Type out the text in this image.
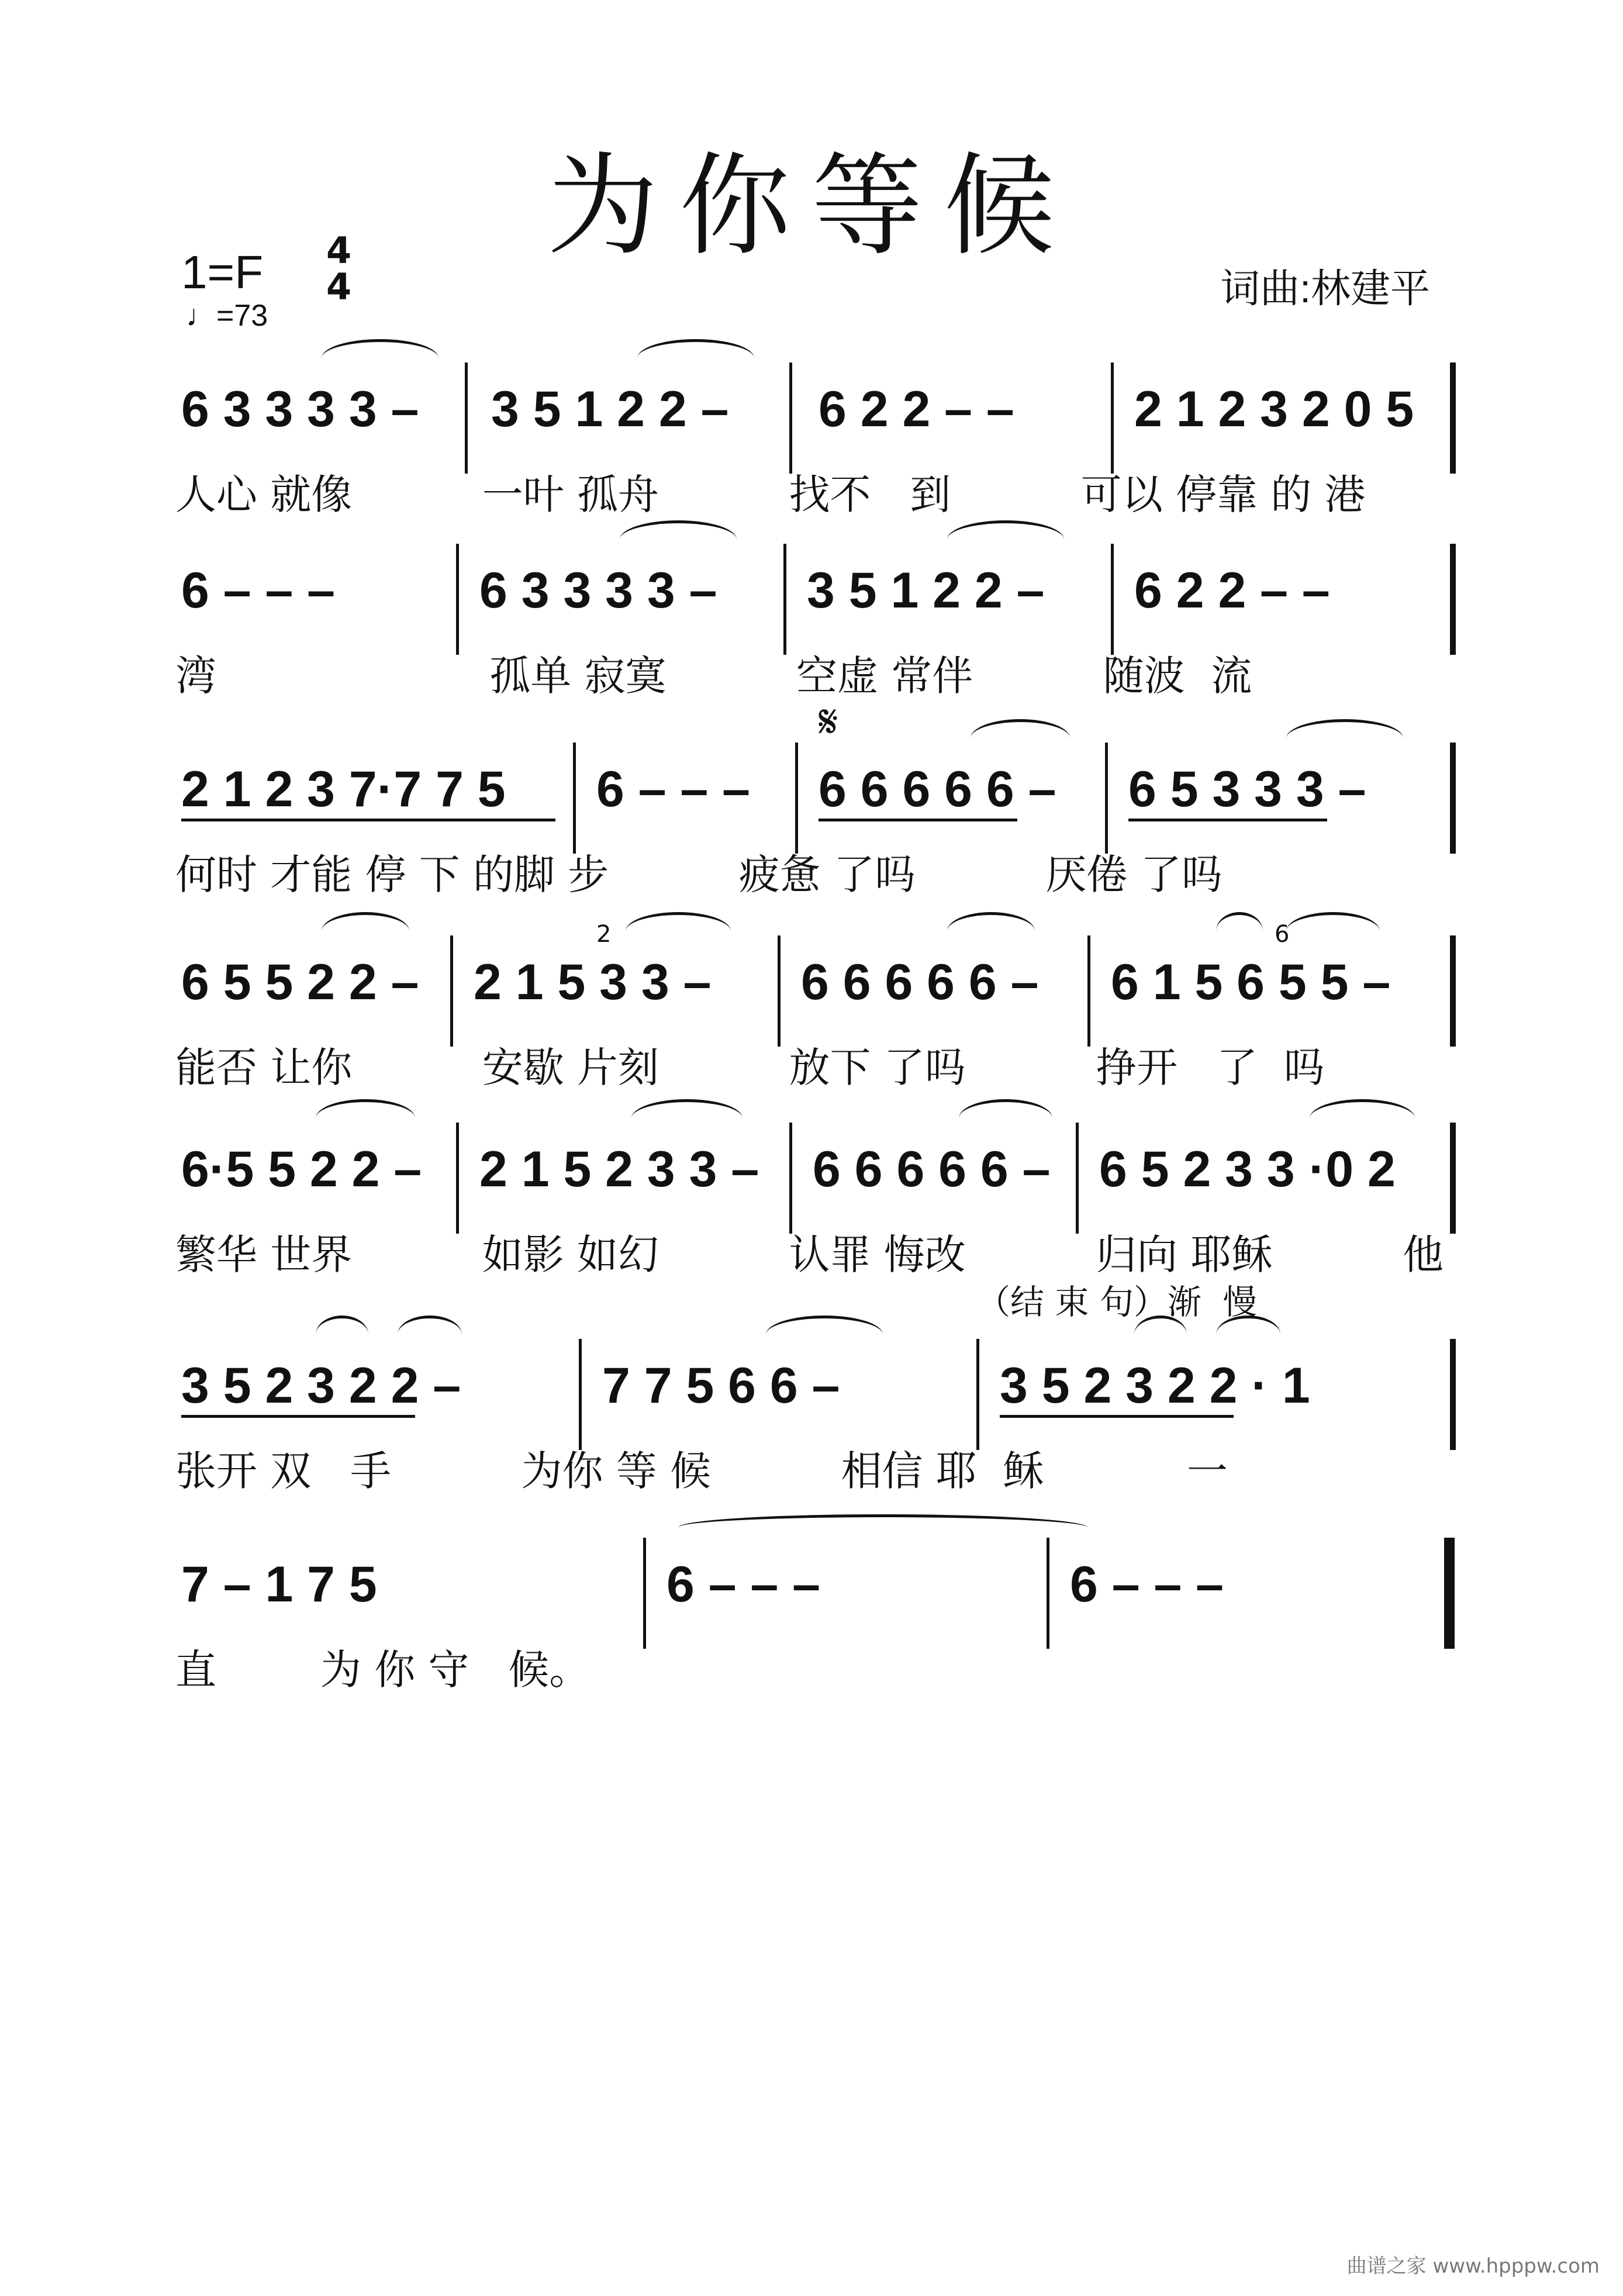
为你等候
1=F 4
4
♩=73
词曲:林建平
6 3 3 3 3 – 3 5 1 2 2 – 6 2 2 – – 2 1 2 3 2 0 5
人心 就像          一叶 孤舟          找不   到          可以 停靠 的 港
6 – – –	6 3 3 3 3 – 3 5 1 2 2 – 6 2 2 – –
湾                     孤单 寂寞          空虚 常伴          随波  流
𝄋
2 1 2 3 7·7 7 5 6 – – – 6 6 6 6 6 – 6 5 3 3 3 –
何时 才能 停 下 的脚 步          疲惫 了吗          厌倦 了吗
6 5 5 2 2 – 2 1 5 3 3 – 6 6 6 6 6 – 6 1 5 6 5 5 –
2	6
能否 让你          安歇 片刻          放下 了吗          挣开   了  吗
6·5 5 2 2 – 2 1 5 2 3 3 – 6 6 6 6 6 – 6 5 2 3 3 ·0 2
繁华 世界          如影 如幻          认罪 悔改          归向 耶稣          他
（结 束 句）渐  慢
3 5 2 3 2 2 –	7 7 5 6 6 –	3 5 2 3 2 2 · 1
张开 双   手          为你 等 候          相信 耶  稣           一
7 – 1 7 5	6 – – –	6 – – –
直        为 你 守   候。
曲谱之家 www.hpppw.com
